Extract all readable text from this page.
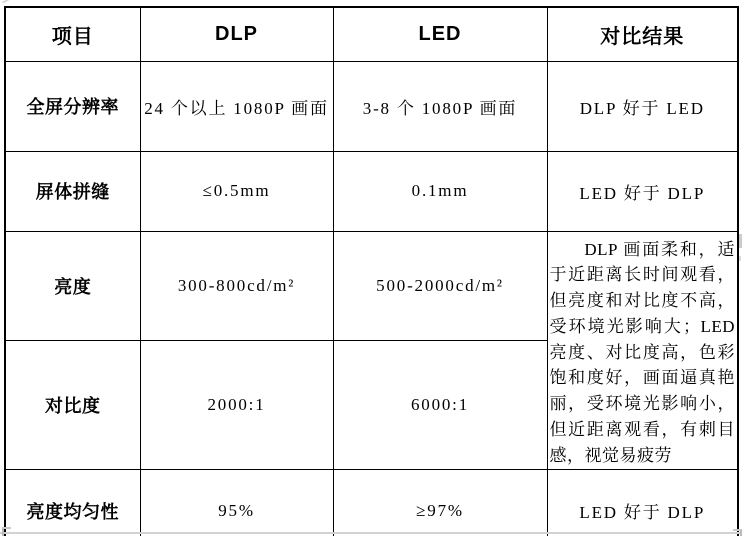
项目	DLP	LED	对比结果
全屏分辨率	24 个以上 1080P 画面	3-8 个 1080P 画面	DLP 好于 LED
屏体拼缝	≤0.5mm	0.1mm	LED 好于 DLP
亮度	300-800cd/m²	500-2000cd/m²	DLP 画面柔和，适于近距离长时间观看，但亮度和对比度不高，受环境光影响大；LED 亮度、对比度高，色彩饱和度好，画面逼真艳丽，受环境光影响小，但近距离观看，有刺目感，视觉易疲劳

对比度	2000:1	6000:1	
亮度均匀性	95%	≥97%	LED 好于 DLP
